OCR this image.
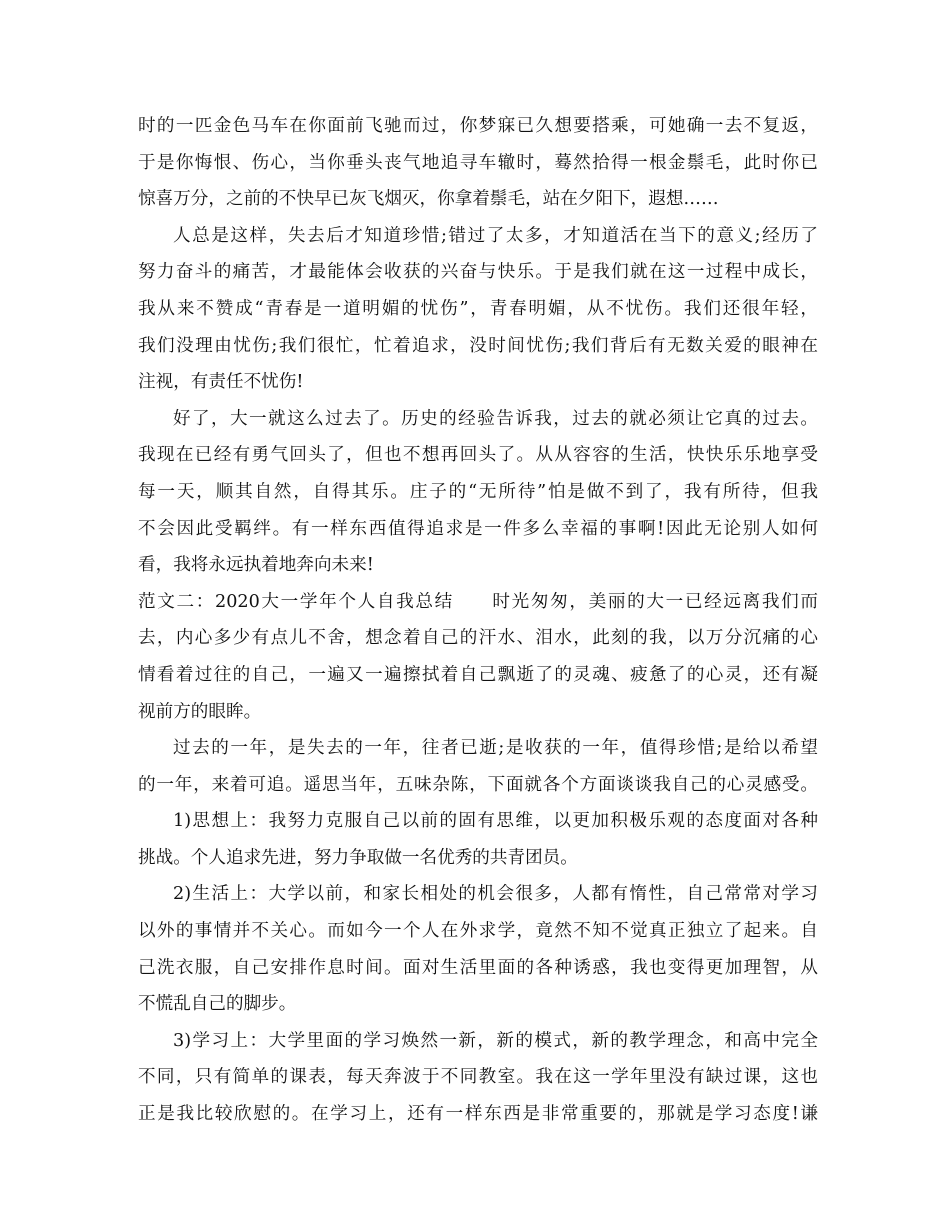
时的一匹金色马车在你面前飞驰而过，你梦寐已久想要搭乘，可她确一去不复返，
于是你悔恨、伤心，当你垂头丧气地追寻车辙时，蓦然拾得一根金鬃毛，此时你已
惊喜万分，之前的不快早已灰飞烟灭，你拿着鬃毛，站在夕阳下，遐想……
人总是这样，失去后才知道珍惜;错过了太多，才知道活在当下的意义;经历了
努力奋斗的痛苦，才最能体会收获的兴奋与快乐。于是我们就在这一过程中成长，
我从来不赞成“青春是一道明媚的忧伤”，青春明媚，从不忧伤。我们还很年轻，
我们没理由忧伤;我们很忙，忙着追求，没时间忧伤;我们背后有无数关爱的眼神在
注视，有责任不忧伤!
好了，大一就这么过去了。历史的经验告诉我，过去的就必须让它真的过去。
我现在已经有勇气回头了，但也不想再回头了。从从容容的生活，快快乐乐地享受
每一天，顺其自然，自得其乐。庄子的“无所待”怕是做不到了，我有所待，但我
不会因此受羁绊。有一样东西值得追求是一件多么幸福的事啊!因此无论别人如何
看，我将永远执着地奔向未来!
范文二：2020大一学年个人自我总结　　时光匆匆，美丽的大一已经远离我们而
去，内心多少有点儿不舍，想念着自己的汗水、泪水，此刻的我，以万分沉痛的心
情看着过往的自己，一遍又一遍擦拭着自己飘逝了的灵魂、疲惫了的心灵，还有凝
视前方的眼眸。
过去的一年，是失去的一年，往者已逝;是收获的一年，值得珍惜;是给以希望
的一年，来着可追。遥思当年，五味杂陈，下面就各个方面谈谈我自己的心灵感受。
1)思想上：我努力克服自己以前的固有思维，以更加积极乐观的态度面对各种
挑战。个人追求先进，努力争取做一名优秀的共青团员。
2)生活上：大学以前，和家长相处的机会很多，人都有惰性，自己常常对学习
以外的事情并不关心。而如今一个人在外求学，竟然不知不觉真正独立了起来。自
己洗衣服，自己安排作息时间。面对生活里面的各种诱惑，我也变得更加理智，从
不慌乱自己的脚步。
3)学习上：大学里面的学习焕然一新，新的模式，新的教学理念，和高中完全
不同，只有简单的课表，每天奔波于不同教室。我在这一学年里没有缺过课，这也
正是我比较欣慰的。在学习上，还有一样东西是非常重要的，那就是学习态度!谦
